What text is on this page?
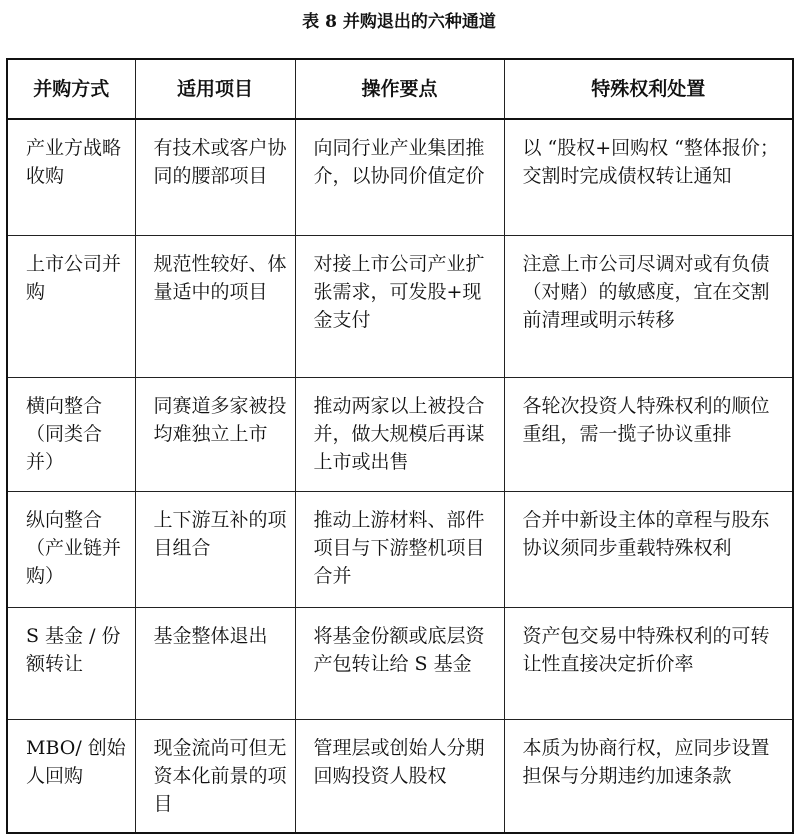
表 8 并购退出的六种通道
并购方式	适用项目	操作要点	特殊权利处置
产业方战略收购	有技术或客户协同的腰部项目	向同行业产业集团推介，以协同价值定价	以 “股权+回购权 “整体报价；交割时完成债权转让通知
上市公司并购	规范性较好、体量适中的项目	对接上市公司产业扩张需求，可发股+现金支付	注意上市公司尽调对或有负债（对赌）的敏感度，宜在交割前清理或明示转移
横向整合（同类合并）	同赛道多家被投均难独立上市	推动两家以上被投合并，做大规模后再谋上市或出售	各轮次投资人特殊权利的顺位重组，需一揽子协议重排
纵向整合（产业链并购）	上下游互补的项目组合	推动上游材料、部件项目与下游整机项目合并	合并中新设主体的章程与股东协议须同步重载特殊权利
S 基金 / 份额转让	基金整体退出	将基金份额或底层资产包转让给 S 基金	资产包交易中特殊权利的可转让性直接决定折价率
MBO/ 创始人回购	现金流尚可但无资本化前景的项目	管理层或创始人分期回购投资人股权	本质为协商行权，应同步设置担保与分期违约加速条款
